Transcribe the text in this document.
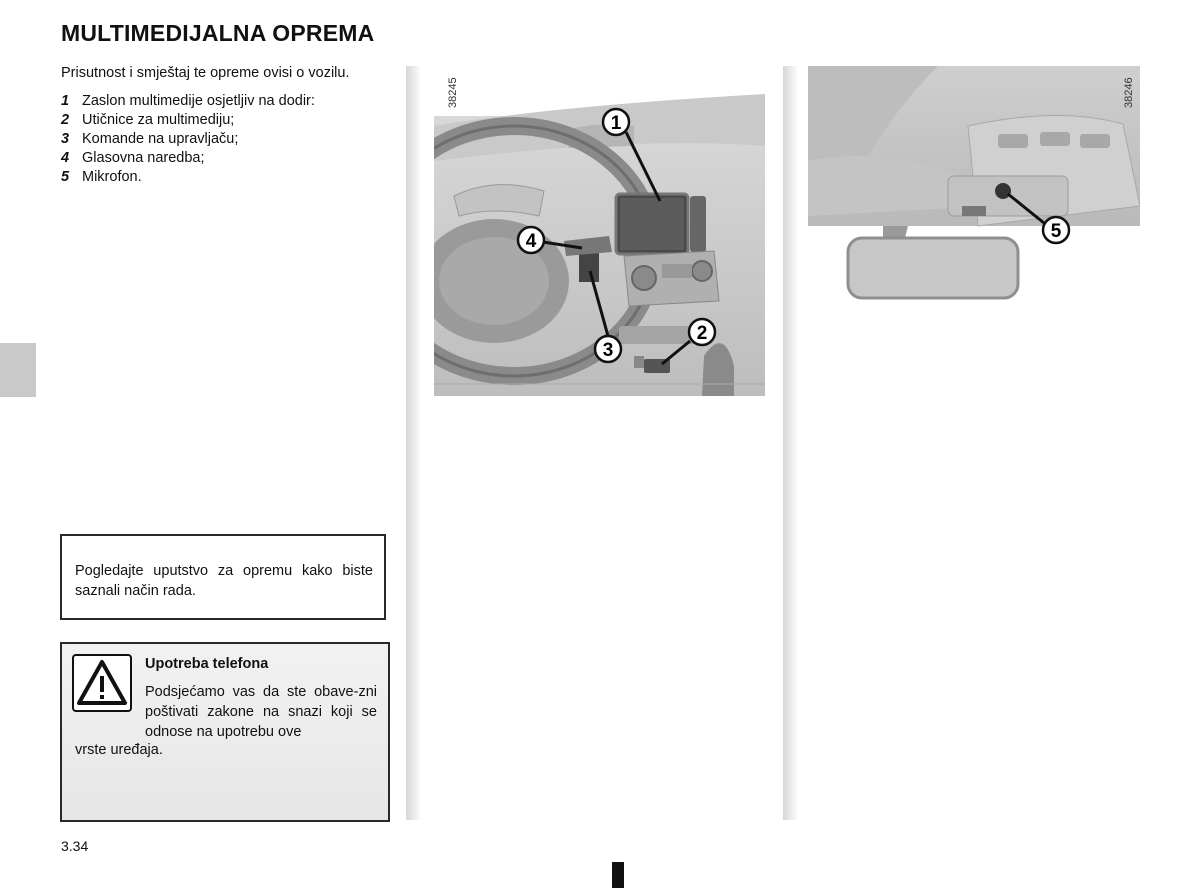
MULTIMEDIJALNA OPREMA
Prisutnost i smještaj te opreme ovisi o vozilu.
1 Zaslon multimedije osjetljiv na dodir:
2 Utičnice za multimediju;
3 Komande na upravljaču;
4 Glasovna naredba;
5 Mikrofon.

Pogledajte uputstvo za opremu kako biste saznali način rada.

Upotreba telefona
Podsjećamo vas da ste obave-zni poštivati zakone na snazi koji se odnose na upotrebu ove
vrste uređaja.
1
2
3
4
38245
5
38246
3.34
